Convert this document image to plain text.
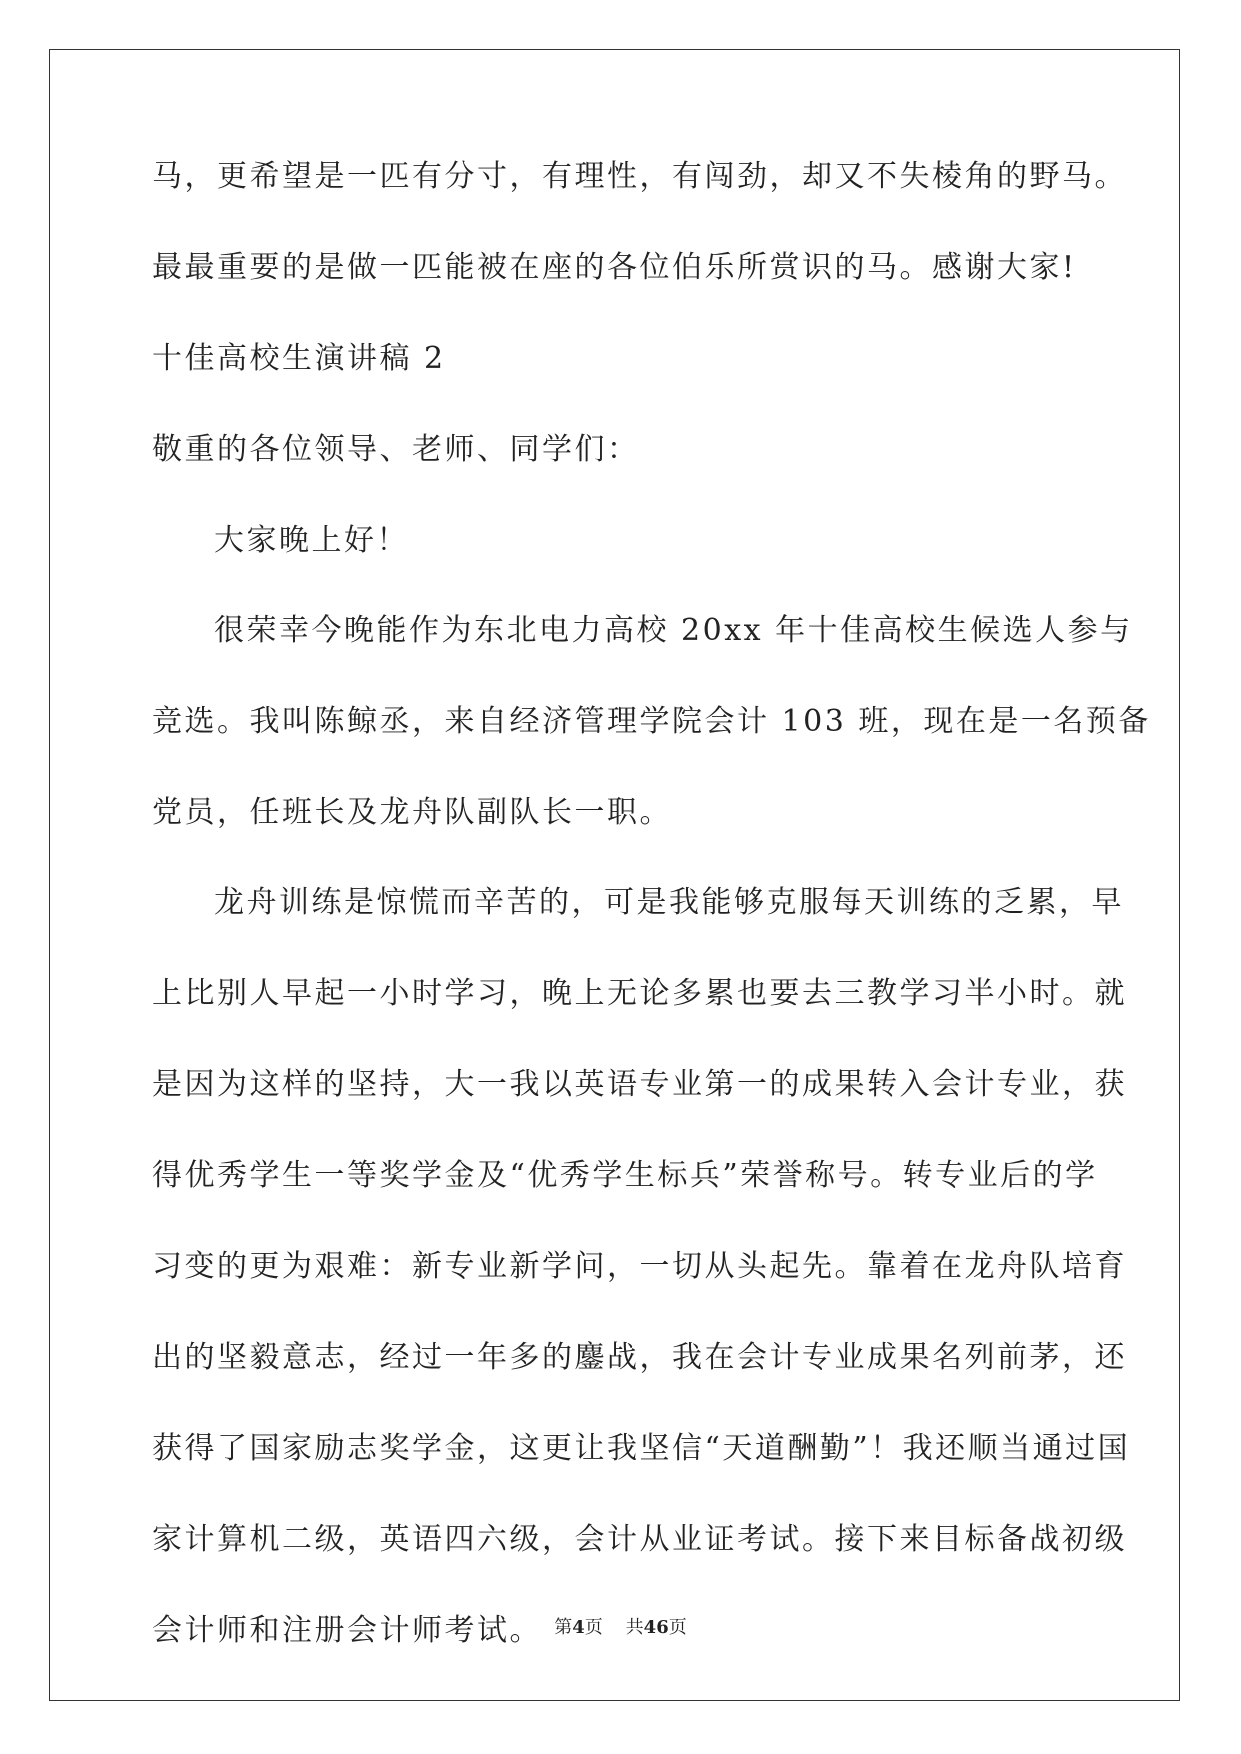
马，更希望是一匹有分寸，有理性，有闯劲，却又不失棱角的野马。
最最重要的是做一匹能被在座的各位伯乐所赏识的马。感谢大家!
十佳高校生演讲稿 2
敬重的各位领导、老师、同学们：
大家晚上好！
很荣幸今晚能作为东北电力高校 20xx 年十佳高校生候选人参与
竞选。我叫陈鲸丞，来自经济管理学院会计 103 班，现在是一名预备
党员，任班长及龙舟队副队长一职。
龙舟训练是惊慌而辛苦的，可是我能够克服每天训练的乏累，早
上比别人早起一小时学习，晚上无论多累也要去三教学习半小时。就
是因为这样的坚持，大一我以英语专业第一的成果转入会计专业，获
得优秀学生一等奖学金及“优秀学生标兵”荣誉称号。转专业后的学
习变的更为艰难：新专业新学问，一切从头起先。靠着在龙舟队培育
出的坚毅意志，经过一年多的鏖战，我在会计专业成果名列前茅，还
获得了国家励志奖学金，这更让我坚信“天道酬勤”！我还顺当通过国
家计算机二级，英语四六级，会计从业证考试。接下来目标备战初级
会计师和注册会计师考试。 第4页 共46页
